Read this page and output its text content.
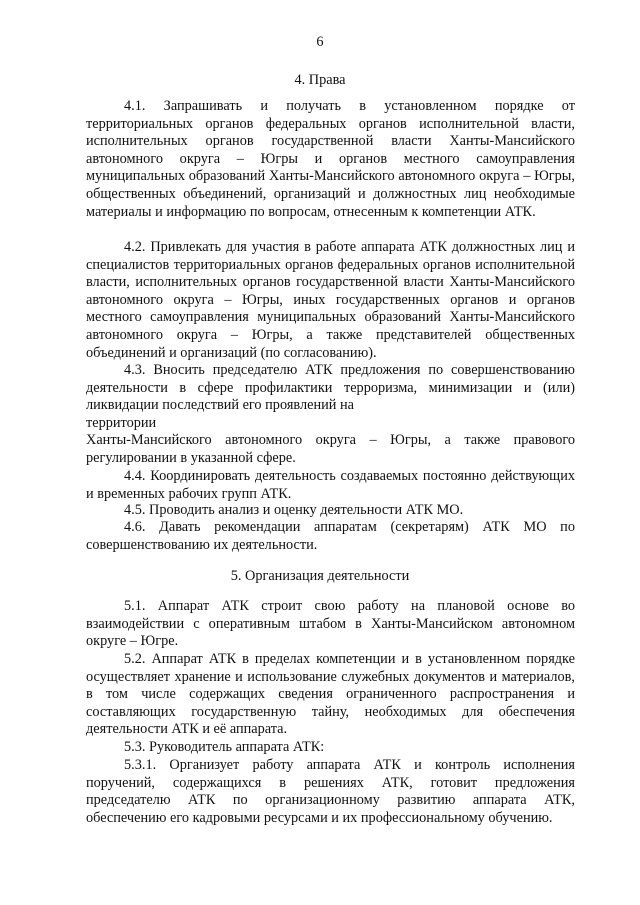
6
4. Права

4.1. Запрашивать и получать в установленном порядке от территориальных органов федеральных органов исполнительной власти, исполнительных органов государственной власти Ханты-Мансийского автономного округа – Югры и органов местного самоуправления муниципальных образований Ханты-Мансийского автономного округа – Югры, общественных объединений, организаций и должностных лиц необходимые материалы и информацию по вопросам, отнесенным к компетенции АТК.

4.2. Привлекать для участия в работе аппарата АТК должностных лиц и специалистов территориальных органов федеральных органов исполнительной власти, исполнительных органов государственной власти Ханты-Мансийского автономного округа – Югры, иных государственных органов и органов местного самоуправления муниципальных образований Ханты-Мансийского автономного округа – Югры, а также представителей общественных объединений и организаций (по согласованию).

4.3. Вносить председателю АТК предложения по совершенствованию деятельности в сфере профилактики терроризма, минимизации и (или) ликвидации последствий его проявлений на
территории
Ханты-Мансийского автономного округа – Югры, а также правового регулировании в указанной сфере.

4.4. Координировать деятельность создаваемых постоянно действующих и временных рабочих групп АТК.

4.5. Проводить анализ и оценку деятельности АТК МО.

4.6. Давать рекомендации аппаратам (секретарям) АТК МО по совершенствованию их деятельности.

5. Организация деятельности

5.1. Аппарат АТК строит свою работу на плановой основе во взаимодействии с оперативным штабом в Ханты-Мансийском автономном округе – Югре.

5.2. Аппарат АТК в пределах компетенции и в установленном порядке осуществляет хранение и использование служебных документов и материалов, в том числе содержащих сведения ограниченного распространения и составляющих государственную тайну, необходимых для обеспечения деятельности АТК и её аппарата.

5.3. Руководитель аппарата АТК:

5.3.1. Организует работу аппарата АТК и контроль исполнения поручений, содержащихся в решениях АТК, готовит предложения председателю АТК по организационному развитию аппарата АТК, обеспечению его кадровыми ресурсами и их профессиональному обучению.
